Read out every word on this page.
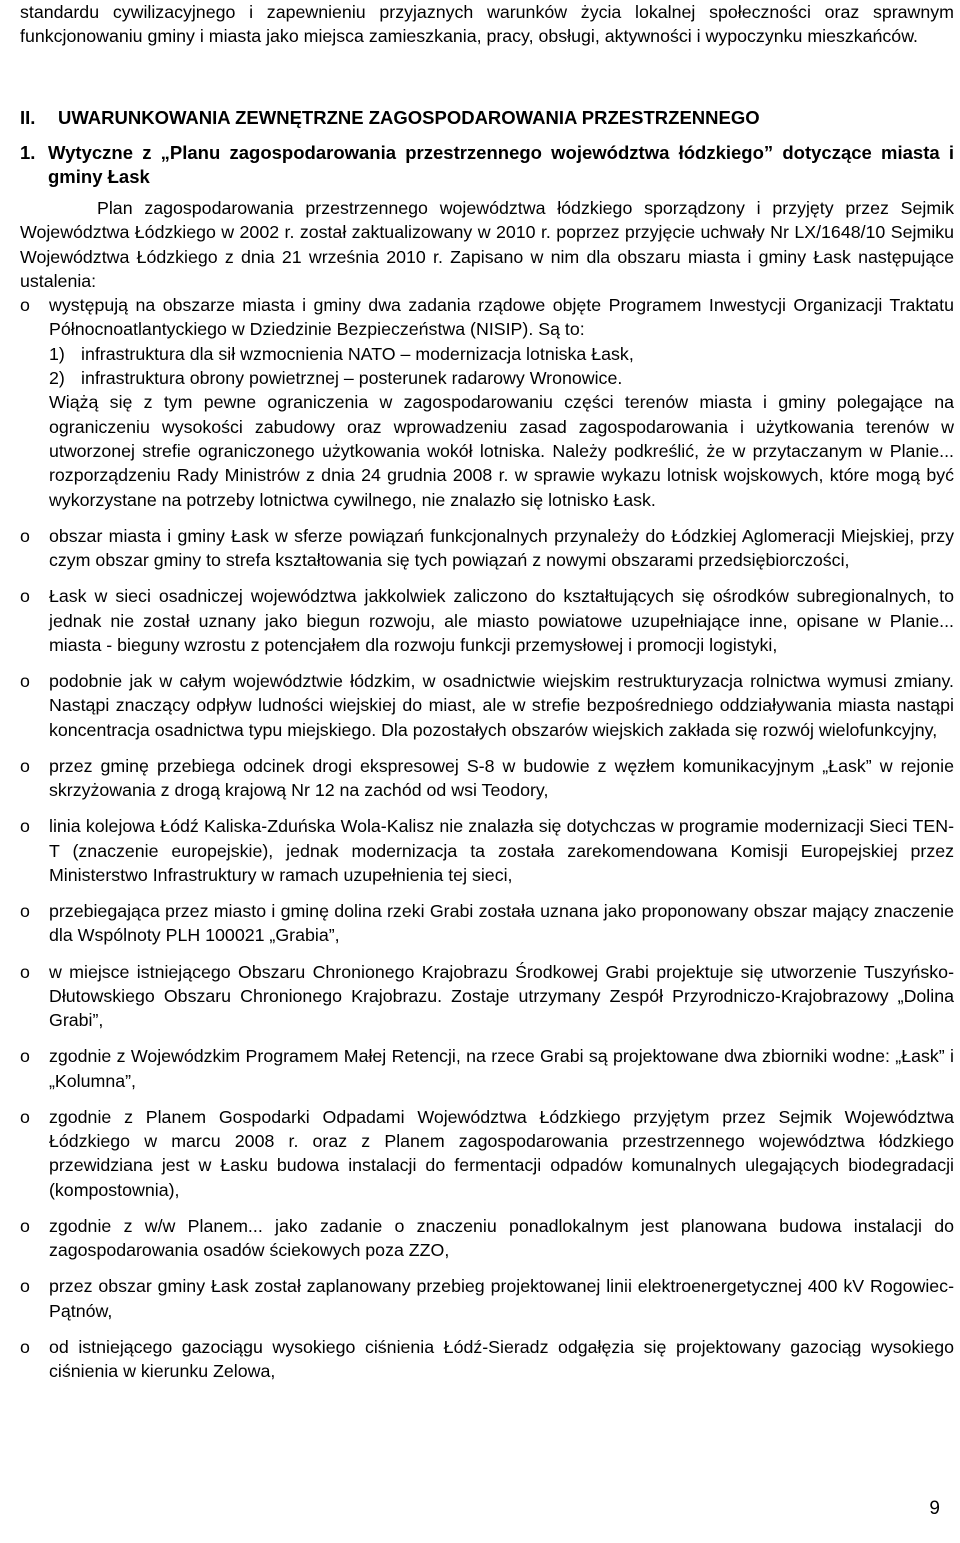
standardu cywilizacyjnego i zapewnieniu przyjaznych warunków życia lokalnej społeczności oraz sprawnym funkcjonowaniu gminy i miasta jako miejsca zamieszkania, pracy, obsługi, aktywności i wypoczynku mieszkańców.

II.	UWARUNKOWANIA ZEWNĘTRZNE ZAGOSPODAROWANIA PRZESTRZENNEGO
1. Wytyczne z „Planu zagospodarowania przestrzennego województwa łódzkiego” dotyczące miasta i gminy Łask

Plan zagospodarowania przestrzennego województwa łódzkiego sporządzony i przyjęty przez Sejmik Województwa Łódzkiego w 2002 r. został zaktualizowany w 2010 r. poprzez przyjęcie uchwały Nr LX/1648/10 Sejmiku Województwa Łódzkiego z dnia 21 września 2010 r. Zapisano w nim dla obszaru miasta i gminy Łask następujące ustalenia:

o występują na obszarze miasta i gminy dwa zadania rządowe objęte Programem Inwestycji Organizacji Traktatu Północnoatlantyckiego w Dziedzinie Bezpieczeństwa (NISIP). Są to:
1) infrastruktura dla sił wzmocnienia NATO – modernizacja lotniska Łask,
2) infrastruktura obrony powietrznej – posterunek radarowy Wronowice.

Wiążą się z tym pewne ograniczenia w zagospodarowaniu części terenów miasta i gminy polegające na ograniczeniu wysokości zabudowy oraz wprowadzeniu zasad zagospodarowania i użytkowania terenów w utworzonej strefie ograniczonego użytkowania wokół lotniska. Należy podkreślić, że w przytaczanym w Planie... rozporządzeniu Rady Ministrów z dnia 24 grudnia 2008 r. w sprawie wykazu lotnisk wojskowych, które mogą być wykorzystane na potrzeby lotnictwa cywilnego, nie znalazło się lotnisko Łask.

o obszar miasta i gminy Łask w sferze powiązań funkcjonalnych przynależy do Łódzkiej Aglomeracji Miejskiej, przy czym obszar gminy to strefa kształtowania się tych powiązań z nowymi obszarami przedsiębiorczości,
o Łask w sieci osadniczej województwa jakkolwiek zaliczono do kształtujących się ośrodków subregionalnych, to jednak nie został uznany jako biegun rozwoju, ale miasto powiatowe uzupełniające inne, opisane w Planie... miasta - bieguny wzrostu z potencjałem dla rozwoju funkcji przemysłowej i promocji logistyki,
o podobnie jak w całym województwie łódzkim, w osadnictwie wiejskim restrukturyzacja rolnictwa wymusi zmiany. Nastąpi znaczący odpływ ludności wiejskiej do miast, ale w strefie bezpośredniego oddziaływania miasta nastąpi koncentracja osadnictwa typu miejskiego. Dla pozostałych obszarów wiejskich zakłada się rozwój wielofunkcyjny,
o przez gminę przebiega odcinek drogi ekspresowej S-8 w budowie z węzłem komunikacyjnym „Łask” w rejonie skrzyżowania z drogą krajową Nr 12 na zachód od wsi Teodory,
o linia kolejowa Łódź Kaliska-Zduńska Wola-Kalisz nie znalazła się dotychczas w programie modernizacji Sieci TEN-T (znaczenie europejskie), jednak modernizacja ta została zarekomendowana Komisji Europejskiej przez Ministerstwo Infrastruktury w ramach uzupełnienia tej sieci,
o przebiegająca przez miasto i gminę dolina rzeki Grabi została uznana jako proponowany obszar mający znaczenie dla Wspólnoty PLH 100021 „Grabia”,
o w miejsce istniejącego Obszaru Chronionego Krajobrazu Środkowej Grabi projektuje się utworzenie Tuszyńsko-Dłutowskiego Obszaru Chronionego Krajobrazu. Zostaje utrzymany Zespół Przyrodniczo-Krajobrazowy „Dolina Grabi”,
o zgodnie z Wojewódzkim Programem Małej Retencji, na rzece Grabi są projektowane dwa zbiorniki wodne: „Łask” i „Kolumna”,
o zgodnie z Planem Gospodarki Odpadami Województwa Łódzkiego przyjętym przez Sejmik Województwa Łódzkiego w marcu 2008 r. oraz z Planem zagospodarowania przestrzennego województwa łódzkiego przewidziana jest w Łasku budowa instalacji do fermentacji odpadów komunalnych ulegających biodegradacji (kompostownia),
o zgodnie z w/w Planem... jako zadanie o znaczeniu ponadlokalnym jest planowana budowa instalacji do zagospodarowania osadów ściekowych poza ZZO,
o przez obszar gminy Łask został zaplanowany przebieg projektowanej linii elektroenergetycznej 400 kV Rogowiec-Pątnów,
o od istniejącego gazociągu wysokiego ciśnienia Łódź-Sieradz odgałęzia się projektowany gazociąg wysokiego ciśnienia w kierunku Zelowa,
9
